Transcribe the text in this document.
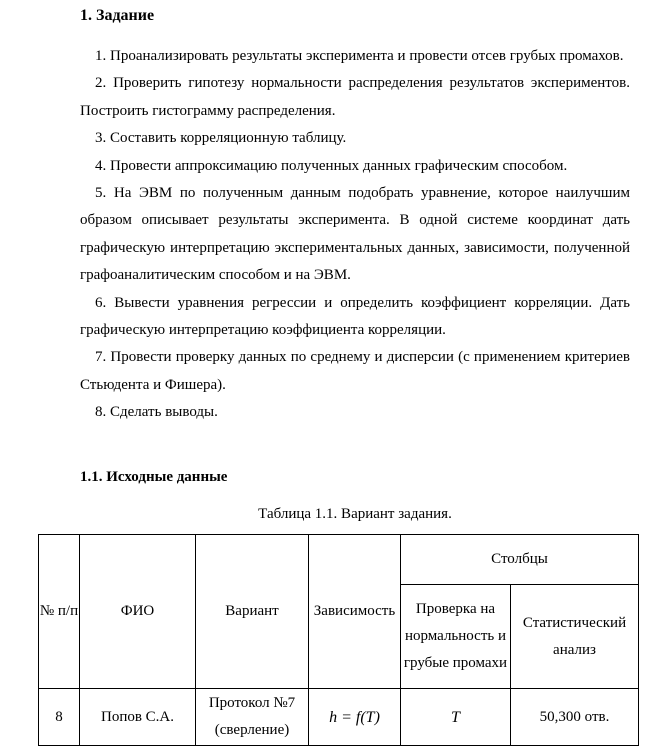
1. Задание

1. Проанализировать результаты эксперимента и провести отсев грубых промахов.

2. Проверить гипотезу нормальности распределения результатов экспериментов. Построить гистограмму распределения.

3. Составить корреляционную таблицу.

4. Провести аппроксимацию полученных данных графическим способом.

5. На ЭВМ по полученным данным подобрать уравнение, которое наилучшим образом описывает результаты эксперимента. В одной системе координат дать графическую интерпретацию экспериментальных данных, зависимости, полученной графоаналитическим способом и на ЭВМ.

6. Вывести уравнения регрессии и определить коэффициент корреляции. Дать графическую интерпретацию коэффициента корреляции.

7. Провести проверку данных по среднему и дисперсии (с применением критериев Стьюдента и Фишера).

8. Сделать выводы.

1.1. Исходные данные
Таблица 1.1. Вариант задания.
№ п/п	ФИО	Вариант	Зависимость	Столбцы	
				Проверка на нормальность и грубые промахи	Статистический анализ
8	Попов С.А.	Протокол №7 (сверление)	h = f(T)	T	50,300 отв.
